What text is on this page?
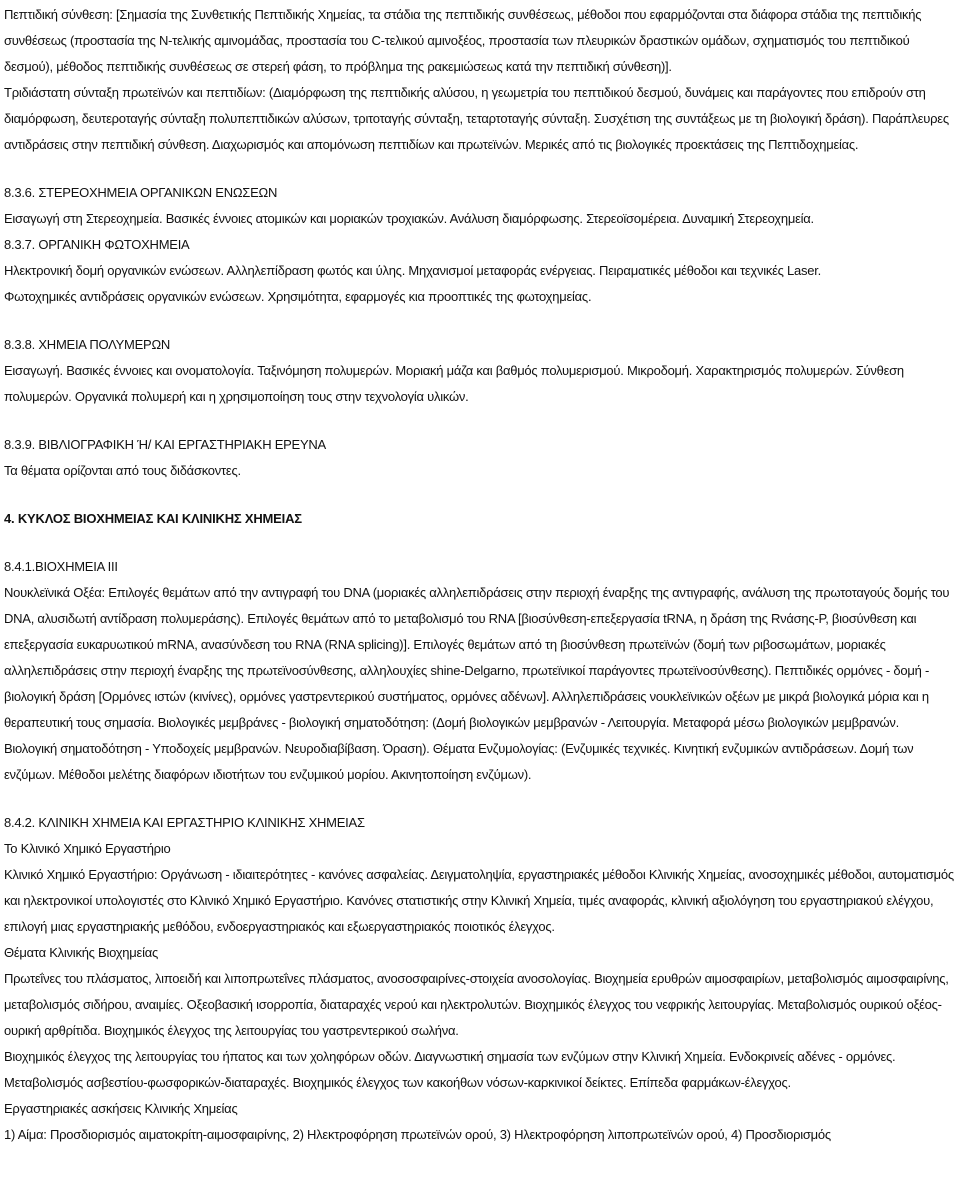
Πεπτιδική σύνθεση: [Σημασία της Συνθετικής Πεπτιδικής Χημείας, τα στάδια της πεπτιδικής συνθέσεως, μέθοδοι που εφαρμόζονται στα διάφορα στάδια της πεπτιδικής συνθέσεως (προστασία της Ν-τελικής αμινομάδας, προστασία του C-τελικού αμινοξέος, προστασία των πλευρικών δραστικών ομάδων, σχηματισμός του πεπτιδικού δεσμού), μέθοδος πεπτιδικής συνθέσεως σε στερεή φάση, το πρόβλημα της ρακεμιώσεως κατά την πεπτιδική σύνθεση)].

Τριδιάστατη σύνταξη πρωτεϊνών και πεπτιδίων: (Διαμόρφωση της πεπτιδικής αλύσου, η γεωμετρία του πεπτιδικού δεσμού, δυνάμεις και παράγοντες που επιδρούν στη διαμόρφωση, δευτεροταγής σύνταξη πολυπεπτιδικών αλύσων, τριτοταγής σύνταξη, τεταρτοταγής σύνταξη. Συσχέτιση της συντάξεως με τη βιολογική δράση). Παράπλευρες αντιδράσεις στην πεπτιδική σύνθεση. Διαχωρισμός και απομόνωση πεπτιδίων και πρωτεϊνών. Μερικές από τις βιολογικές προεκτάσεις της Πεπτιδοχημείας.

8.3.6. ΣΤΕΡΕΟΧΗΜΕΙΑ ΟΡΓΑΝΙΚΩΝ ΕΝΩΣΕΩΝ

Εισαγωγή στη Στερεοχημεία. Βασικές έννοιες ατομικών και μοριακών τροχιακών. Ανάλυση διαμόρφωσης. Στερεοϊσομέρεια. Δυναμική Στερεοχημεία.

8.3.7. ΟΡΓΑΝΙΚΗ ΦΩΤΟΧΗΜΕΙΑ

Ηλεκτρονική δομή οργανικών ενώσεων. Αλληλεπίδραση φωτός και ύλης. Μηχανισμοί μεταφοράς ενέργειας. Πειραματικές μέθοδοι και τεχνικές Laser.

Φωτοχημικές αντιδράσεις οργανικών ενώσεων. Χρησιμότητα, εφαρμογές κια προοπτικές της φωτοχημείας.

8.3.8. ΧΗΜΕΙΑ ΠΟΛΥΜΕΡΩΝ

Εισαγωγή. Βασικές έννοιες και ονοματολογία. Ταξινόμηση πολυμερών. Μοριακή μάζα και βαθμός πολυμερισμού. Μικροδομή. Χαρακτηρισμός πολυμερών. Σύνθεση πολυμερών. Οργανικά πολυμερή και η χρησιμοποίηση τους στην τεχνολογία υλικών.

8.3.9. ΒΙΒΛΙΟΓΡΑΦΙΚΗ Ή/ ΚΑΙ ΕΡΓΑΣΤΗΡΙΑΚΗ ΕΡΕΥΝΑ

Τα θέματα ορίζονται από τους διδάσκοντες.

4. ΚΥΚΛΟΣ ΒΙΟΧΗΜΕΙΑΣ ΚΑΙ ΚΛΙΝΙΚΗΣ ΧΗΜΕΙΑΣ

8.4.1.ΒΙΟΧΗΜΕΙΑ ΙΙΙ

Νουκλεϊνικά Οξέα: Επιλογές θεμάτων από την αντιγραφή του DNA (μοριακές αλληλεπιδράσεις στην περιοχή έναρξης της αντιγραφής, ανάλυση της πρωτοταγούς δομής του DNA, αλυσιδωτή αντίδραση πολυμεράσης). Επιλογές θεμάτων από το μεταβολισμό του RNA [βιοσύνθεση-επεξεργασία tRNA, η δράση της Rνάσης-P, βιοσύνθεση και επεξεργασία ευκαρυωτικού mRNA, ανασύνδεση του RNA (RNA splicing)]. Επιλογές θεμάτων από τη βιοσύνθεση πρωτεϊνών (δομή των ριβοσωμάτων, μοριακές αλληλεπιδράσεις στην περιοχή έναρξης της πρωτεϊνοσύνθεσης, αλληλουχίες shine-Delgarno, πρωτεϊνικοί παράγοντες πρωτεϊνοσύνθεσης). Πεπτιδικές ορμόνες - δομή - βιολογική δράση [Ορμόνες ιστών (κινίνες), ορμόνες γαστρεντερικού συστήματος, ορμόνες αδένων]. Αλληλεπιδράσεις νουκλεϊνικών οξέων με μικρά βιολογικά μόρια και η θεραπευτική τους σημασία. Βιολογικές μεμβράνες - βιολογική σηματοδότηση: (Δομή βιολογικών μεμβρανών - Λειτουργία. Μεταφορά μέσω βιολογικών μεμβρανών. Βιολογική σηματοδότηση - Υποδοχείς μεμβρανών. Νευροδιαβίβαση. Όραση). Θέματα Ενζυμολογίας: (Ενζυμικές τεχνικές. Κινητική ενζυμικών αντιδράσεων. Δομή των ενζύμων. Μέθοδοι μελέτης διαφόρων ιδιοτήτων του ενζυμικού μορίου. Ακινητοποίηση ενζύμων).

8.4.2. ΚΛΙΝΙΚΗ ΧΗΜΕΙΑ ΚΑΙ ΕΡΓΑΣΤΗΡΙΟ ΚΛΙΝΙΚΗΣ ΧΗΜΕΙΑΣ

Το Κλινικό Χημικό Εργαστήριο

Κλινικό Χημικό Εργαστήριο: Οργάνωση - ιδιαιτερότητες - κανόνες ασφαλείας. Δειγματοληψία, εργαστηριακές μέθοδοι Κλινικής Χημείας, ανοσοχημικές μέθοδοι, αυτοματισμός και ηλεκτρονικοί υπολογιστές στο Κλινικό Χημικό Εργαστήριο. Κανόνες στατιστικής στην Κλινική Χημεία, τιμές αναφοράς, κλινική αξιολόγηση του εργαστηριακού ελέγχου, επιλογή μιας εργαστηριακής μεθόδου, ενδοεργαστηριακός και εξωεργαστηριακός ποιοτικός έλεγχος.

Θέματα Κλινικής Βιοχημείας

Πρωτεΐνες του πλάσματος, λιποειδή και λιποπρωτεΐνες πλάσματος, ανοσοσφαιρίνες-στοιχεία ανοσολογίας. Βιοχημεία ερυθρών αιμοσφαιρίων, μεταβολισμός αιμοσφαιρίνης, μεταβολισμός σιδήρου, αναιμίες. Οξεοβασική ισορροπία, διαταραχές νερού και ηλεκτρολυτών. Βιοχημικός έλεγχος του νεφρικής λειτουργίας. Μεταβολισμός ουρικού οξέος-ουρική αρθρίτιδα. Βιοχημικός έλεγχος της λειτουργίας του γαστρεντερικού σωλήνα.

Βιοχημικός έλεγχος της λειτουργίας του ήπατος και των χοληφόρων οδών. Διαγνωστική σημασία των ενζύμων στην Κλινική Χημεία. Ενδοκρινείς αδένες - ορμόνες. Μεταβολισμός ασβεστίου-φωσφορικών-διαταραχές. Βιοχημικός έλεγχος των κακοήθων νόσων-καρκινικοί δείκτες. Επίπεδα φαρμάκων-έλεγχος.

Εργαστηριακές ασκήσεις Κλινικής Χημείας

1) Αίμα: Προσδιορισμός αιματοκρίτη-αιμοσφαιρίνης, 2) Ηλεκτροφόρηση πρωτεϊνών ορού, 3) Ηλεκτροφόρηση λιποπρωτεϊνών ορού, 4) Προσδιορισμός
